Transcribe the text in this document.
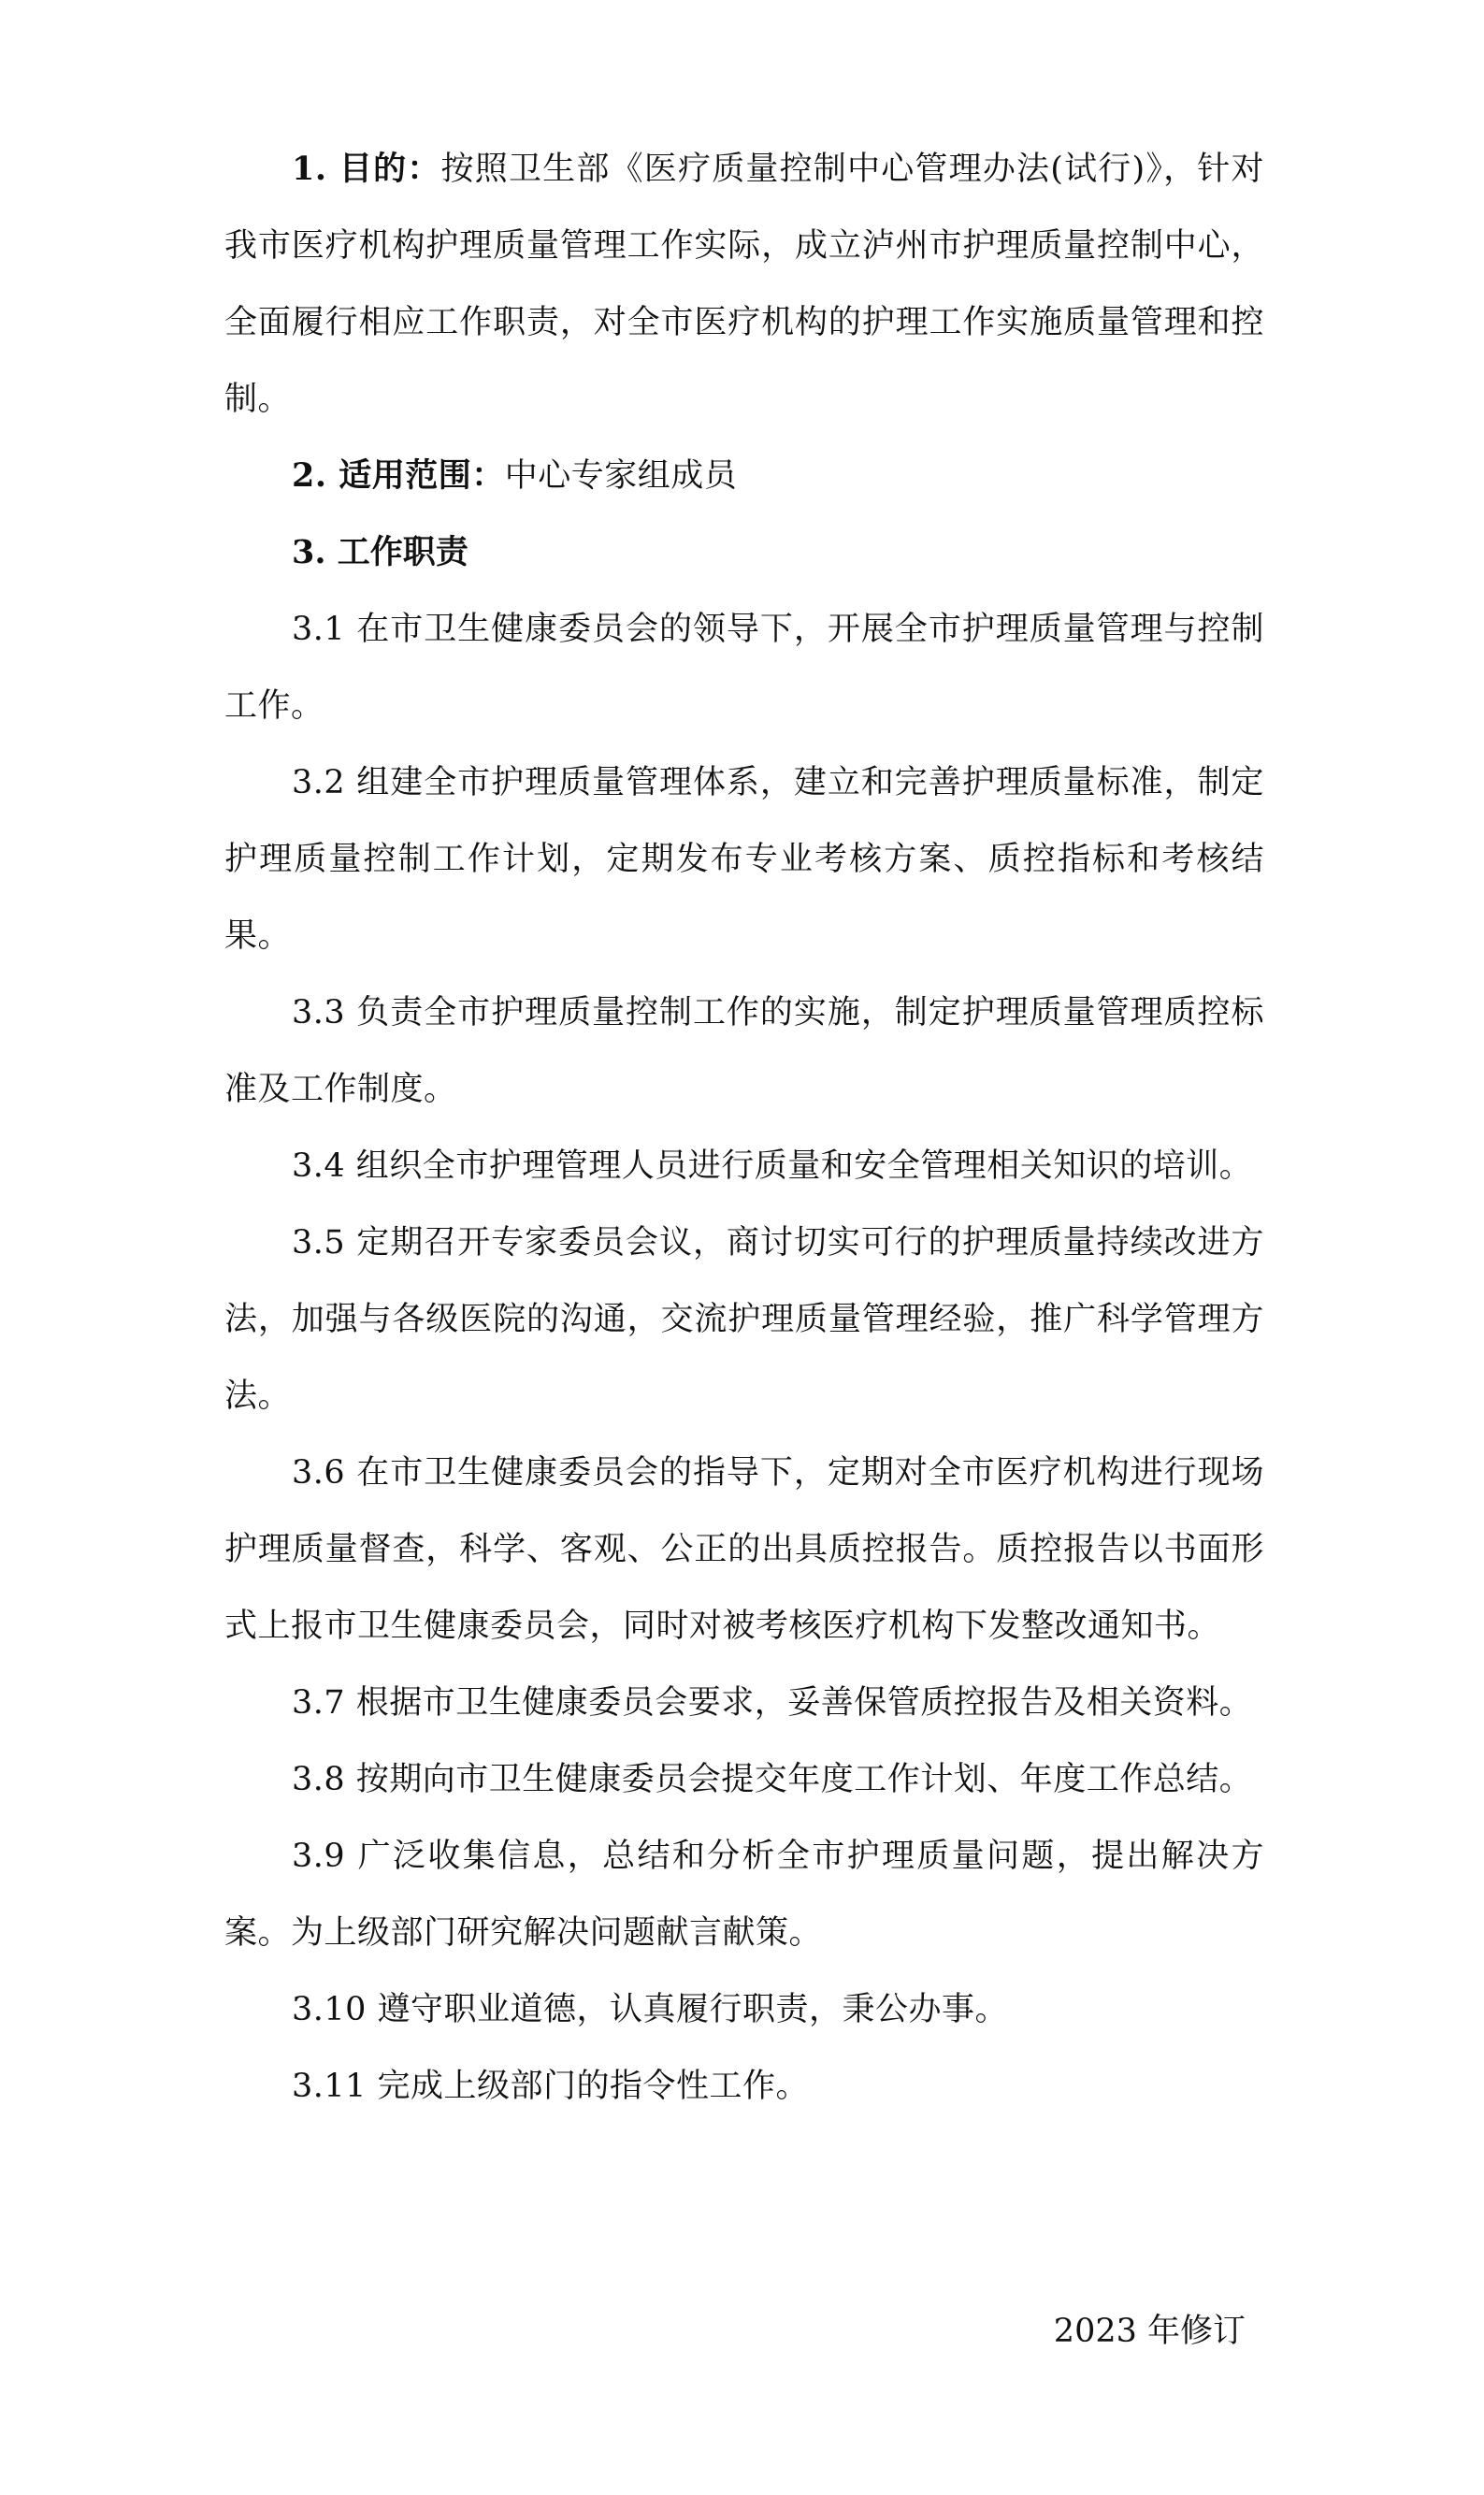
1. 目的：按照卫生部《医疗质量控制中心管理办法(试行)》，针对我市医疗机构护理质量管理工作实际，成立泸州市护理质量控制中心，全面履行相应工作职责，对全市医疗机构的护理工作实施质量管理和控制。

2. 适用范围：中心专家组成员

3. 工作职责

3.1 在市卫生健康委员会的领导下，开展全市护理质量管理与控制工作。

3.2 组建全市护理质量管理体系，建立和完善护理质量标准，制定护理质量控制工作计划，定期发布专业考核方案、质控指标和考核结果。

3.3 负责全市护理质量控制工作的实施，制定护理质量管理质控标准及工作制度。

3.4 组织全市护理管理人员进行质量和安全管理相关知识的培训。

3.5 定期召开专家委员会议，商讨切实可行的护理质量持续改进方法，加强与各级医院的沟通，交流护理质量管理经验，推广科学管理方法。

3.6 在市卫生健康委员会的指导下，定期对全市医疗机构进行现场护理质量督查，科学、客观、公正的出具质控报告。质控报告以书面形式上报市卫生健康委员会，同时对被考核医疗机构下发整改通知书。

3.7 根据市卫生健康委员会要求，妥善保管质控报告及相关资料。

3.8 按期向市卫生健康委员会提交年度工作计划、年度工作总结。

3.9 广泛收集信息，总结和分析全市护理质量问题，提出解决方案。为上级部门研究解决问题献言献策。

3.10 遵守职业道德，认真履行职责，秉公办事。

3.11 完成上级部门的指令性工作。

2023 年修订
